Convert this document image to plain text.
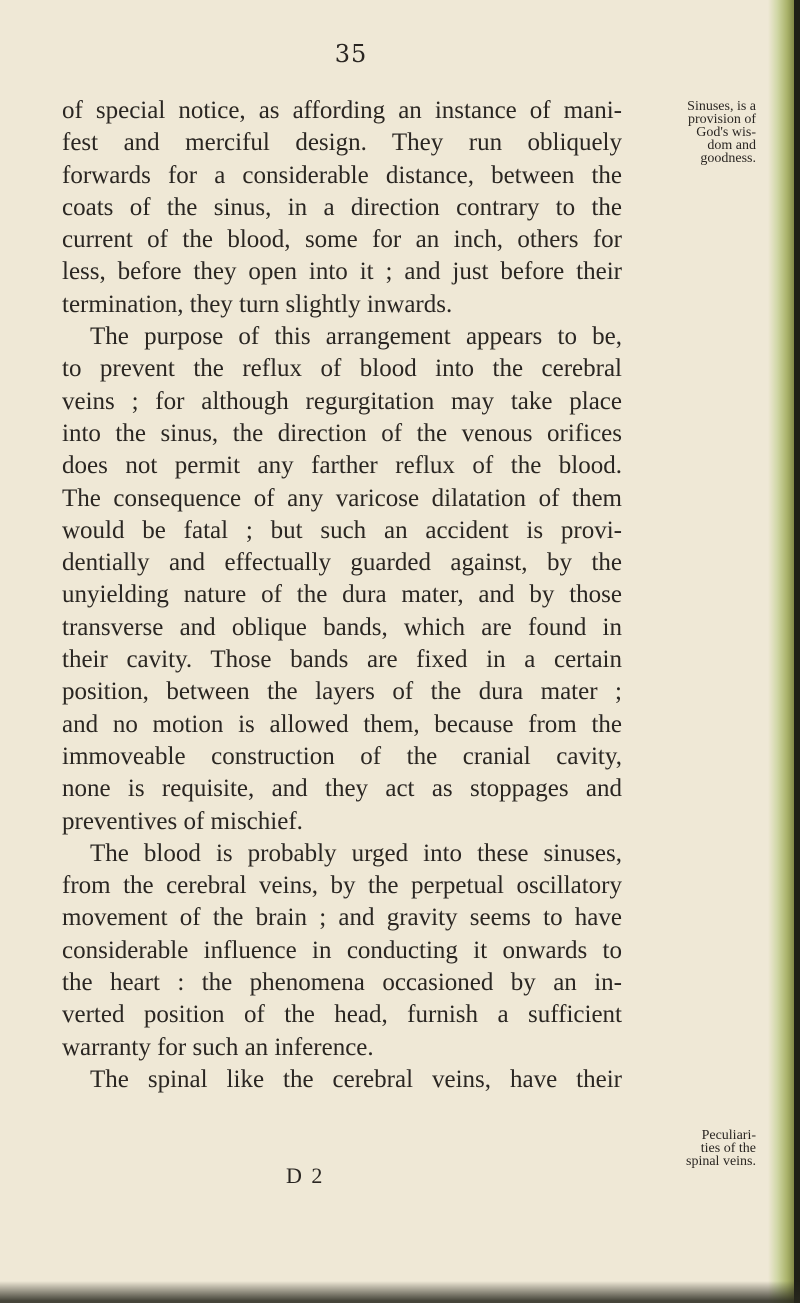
35
of special notice, as affording an instance of mani-
fest and merciful design. They run obliquely
forwards for a considerable distance, between the
coats of the sinus, in a direction contrary to the
current of the blood, some for an inch, others for
less, before they open into it ; and just before their
termination, they turn slightly inwards.
The purpose of this arrangement appears to be,
to prevent the reflux of blood into the cerebral
veins ; for although regurgitation may take place
into the sinus, the direction of the venous orifices
does not permit any farther reflux of the blood.
The consequence of any varicose dilatation of them
would be fatal ; but such an accident is provi-
dentially and effectually guarded against, by the
unyielding nature of the dura mater, and by those
transverse and oblique bands, which are found in
their cavity. Those bands are fixed in a certain
position, between the layers of the dura mater ;
and no motion is allowed them, because from the
immoveable construction of the cranial cavity,
none is requisite, and they act as stoppages and
preventives of mischief.
The blood is probably urged into these sinuses,
from the cerebral veins, by the perpetual oscillatory
movement of the brain ; and gravity seems to have
considerable influence in conducting it onwards to
the heart : the phenomena occasioned by an in-
verted position of the head, furnish a sufficient
warranty for such an inference.
The spinal like the cerebral veins, have their
Sinuses, is a
provision of
God's wis-
dom and
goodness.
Peculiari-
ties of the
spinal veins.
D 2
